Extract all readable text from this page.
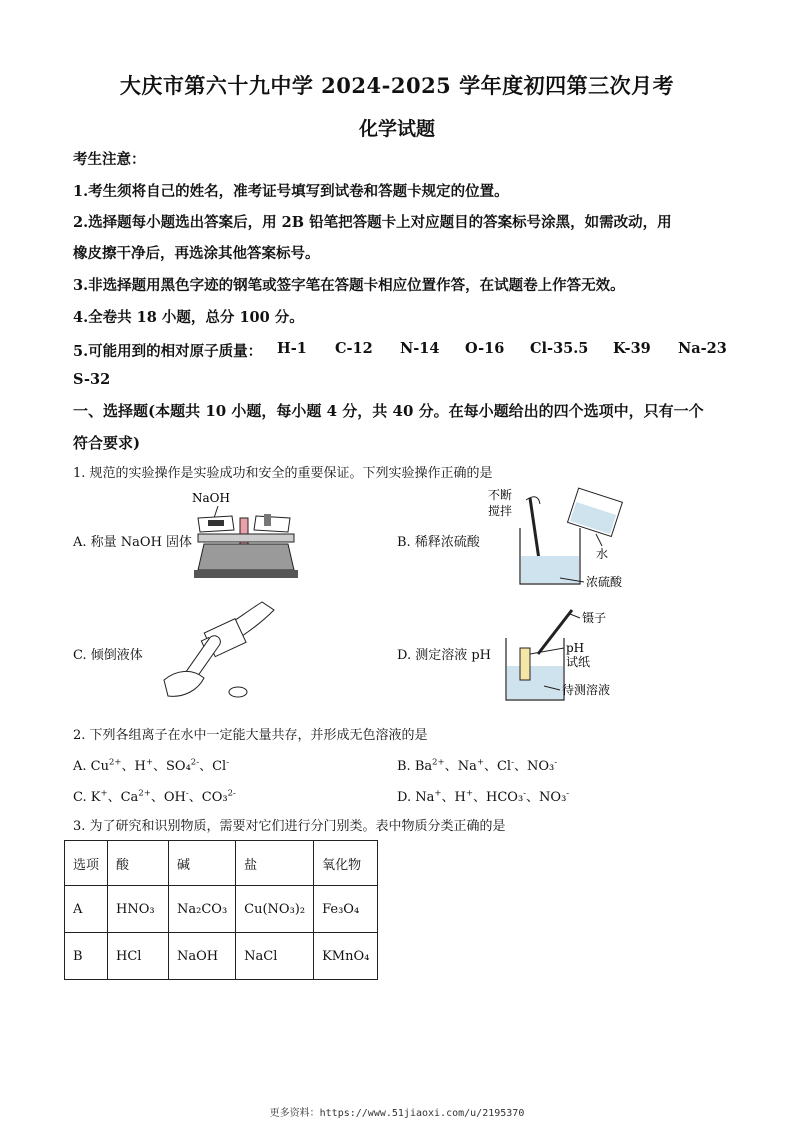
大庆市第六十九中学 2024-2025 学年度初四第三次月考
化学试题
考生注意：
1.考生须将自己的姓名，准考证号填写到试卷和答题卡规定的位置。
2.选择题每小题选出答案后，用 2B 铅笔把答题卡上对应题目的答案标号涂黑，如需改动，用
橡皮擦干净后，再选涂其他答案标号。
3.非选择题用黑色字迹的钢笔或签字笔在答题卡相应位置作答，在试题卷上作答无效。
4.全卷共 18 小题，总分 100 分。
5.可能用到的相对原子质量： H-1 C-12 N-14 O-16 Cl-35.5 K-39 Na-23
S-32
一、选择题(本题共 10 小题，每小题 4 分，共 40 分。在每小题给出的四个选项中，只有一个
符合要求)
1. 规范的实验操作是实验成功和安全的重要保证。下列实验操作正确的是
A. 称量 NaOH 固体	B. 稀释浓硫酸
C. 倾倒液体	D. 测定溶液 pH
NaOH	不断
搅拌
水
浓硫酸
镊子
pH
试纸
待测溶液
2. 下列各组离子在水中一定能大量共存，并形成无色溶液的是
A. $Cu^{2+}$、H+、SO₄$^{2-}$、Cl-	B. $Ba^{2+}$、Na+、Cl-、NO₃-
C. K+、$Ca^{2+}$、OH-、CO₃$^{2-}$	D. Na+、H+、HCO₃-、NO₃-
3. 为了研究和识别物质，需要对它们进行分门别类。表中物质分类正确的是
选项	酸	碱	盐	氧化物
A	HNO₃	Na₂CO₃	Cu(NO₃)₂	Fe₃O₄
B	HCl	NaOH	NaCl	KMnO₄
更多资料：https://www.51jiaoxi.com/u/2195370
